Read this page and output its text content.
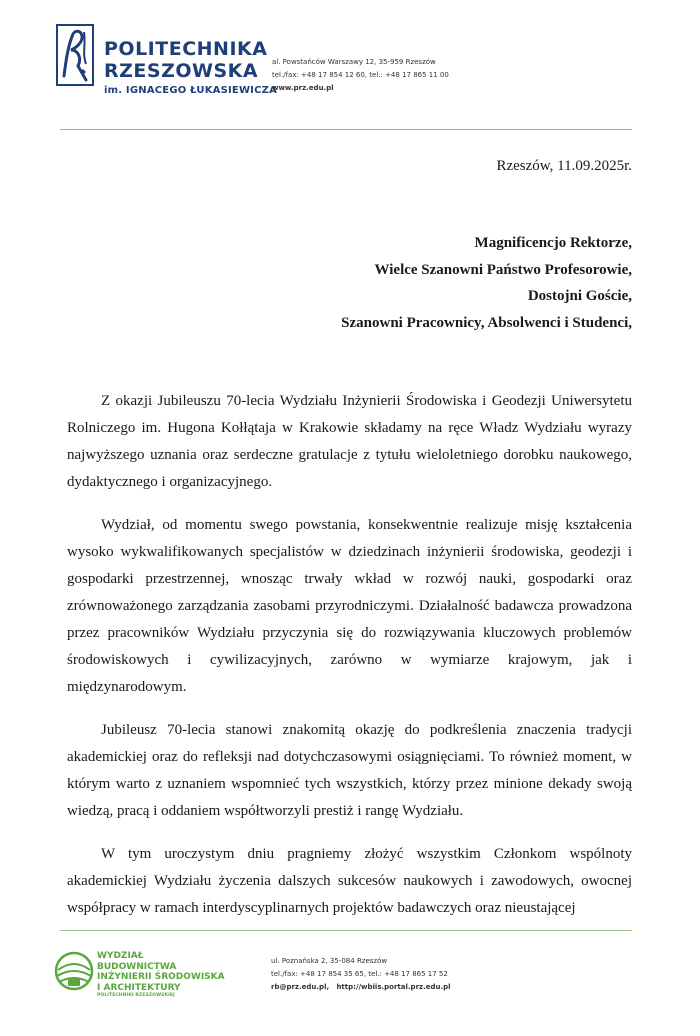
POLITECHNIKA
RZESZOWSKA
im. IGNACEGO ŁUKASIEWICZA
al. Powstańców Warszawy 12, 35-959 Rzeszów
tel./fax: +48 17 854 12 60, tel.: +48 17 865 11 00
www.prz.edu.pl
Rzeszów, 11.09.2025r.
Magnificencjo Rektorze,
Wielce Szanowni Państwo Profesorowie,
Dostojni Goście,
Szanowni Pracownicy, Absolwenci i Studenci,

Z okazji Jubileuszu 70-lecia Wydziału Inżynierii Środowiska i Geodezji Uniwersytetu Rolniczego im. Hugona Kołłątaja w Krakowie składamy na ręce Władz Wydziału wyrazy najwyższego uznania oraz serdeczne gratulacje z tytułu wieloletniego dorobku naukowego, dydaktycznego i organizacyjnego.

Wydział, od momentu swego powstania, konsekwentnie realizuje misję kształcenia wysoko wykwalifikowanych specjalistów w dziedzinach inżynierii środowiska, geodezji i gospodarki przestrzennej, wnosząc trwały wkład w rozwój nauki, gospodarki oraz zrównoważonego zarządzania zasobami przyrodniczymi. Działalność badawcza prowadzona przez pracowników Wydziału przyczynia się do rozwiązywania kluczowych problemów środowiskowych i cywilizacyjnych, zarówno w wymiarze krajowym, jak i międzynarodowym.

Jubileusz 70-lecia stanowi znakomitą okazję do podkreślenia znaczenia tradycji akademickiej oraz do refleksji nad dotychczasowymi osiągnięciami. To również moment, w którym warto z uznaniem wspomnieć tych wszystkich, którzy przez minione dekady swoją wiedzą, pracą i oddaniem współtworzyli prestiż i rangę Wydziału.

W tym uroczystym dniu pragniemy złożyć wszystkim Członkom wspólnoty akademickiej Wydziału życzenia dalszych sukcesów naukowych i zawodowych, owocnej współpracy w ramach interdyscyplinarnych projektów badawczych oraz nieustającej

WYDZIAŁ
BUDOWNICTWA
INŻYNIERII ŚRODOWISKA
I ARCHITEKTURY
POLITECHNIKI RZESZOWSKIEJ
ul. Poznańska 2, 35-084 Rzeszów
tel./fax: +48 17 854 35 65, tel.: +48 17 865 17 52
rb@prz.edu.pl, http://wbiis.portal.prz.edu.pl
